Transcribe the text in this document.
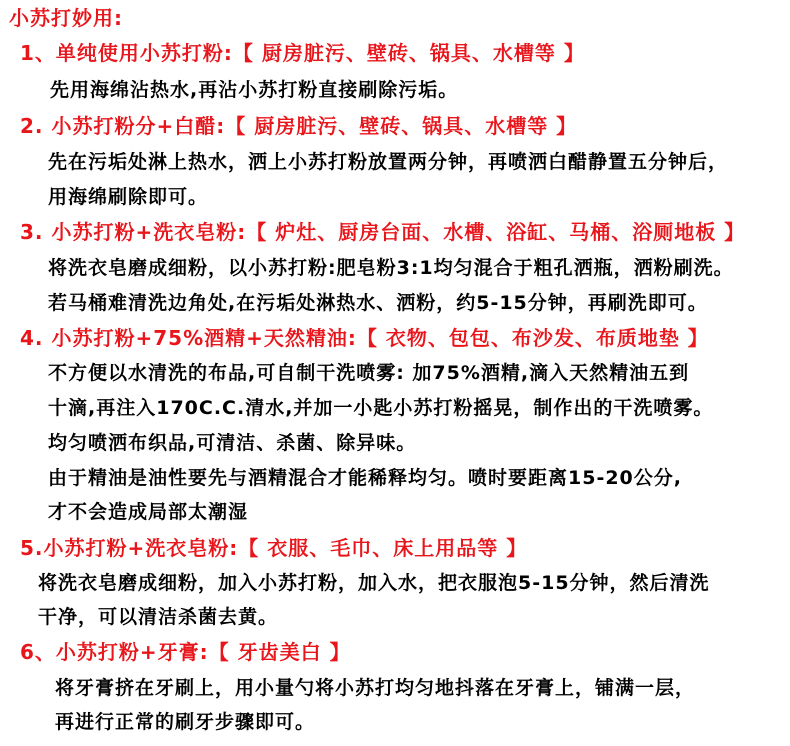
小苏打妙用:
1、单纯使用小苏打粉:【 厨房脏污、壁砖、锅具、水槽等 】
先用海绵沾热水,再沾小苏打粉直接刷除污垢。
2. 小苏打粉分+白醋:【 厨房脏污、壁砖、锅具、水槽等 】
先在污垢处淋上热水，洒上小苏打粉放置两分钟，再喷洒白醋静置五分钟后，
用海绵刷除即可。
3. 小苏打粉+洗衣皂粉:【 炉灶、厨房台面、水槽、浴缸、马桶、浴厕地板 】
将洗衣皂磨成细粉，以小苏打粉:肥皂粉3:1均匀混合于粗孔洒瓶，洒粉刷洗。
若马桶难清洗边角处,在污垢处淋热水、洒粉，约5-15分钟，再刷洗即可。
4. 小苏打粉+75%酒精+天然精油:【 衣物、包包、布沙发、布质地垫 】
不方便以水清洗的布品,可自制干洗喷雾: 加75%酒精,滴入天然精油五到
十滴,再注入170C.C.清水,并加一小匙小苏打粉摇晃，制作出的干洗喷雾。
均匀喷洒布织品,可清洁、杀菌、除异味。
由于精油是油性要先与酒精混合才能稀释均匀。喷时要距离15-20公分,
才不会造成局部太潮湿
5.小苏打粉+洗衣皂粉:【 衣服、毛巾、床上用品等 】
将洗衣皂磨成细粉，加入小苏打粉，加入水，把衣服泡5-15分钟，然后清洗
干净，可以清洁杀菌去黄。
6、小苏打粉+牙膏:【 牙齿美白 】
将牙膏挤在牙刷上，用小量勺将小苏打均匀地抖落在牙膏上，铺满一层，
再进行正常的刷牙步骤即可。
